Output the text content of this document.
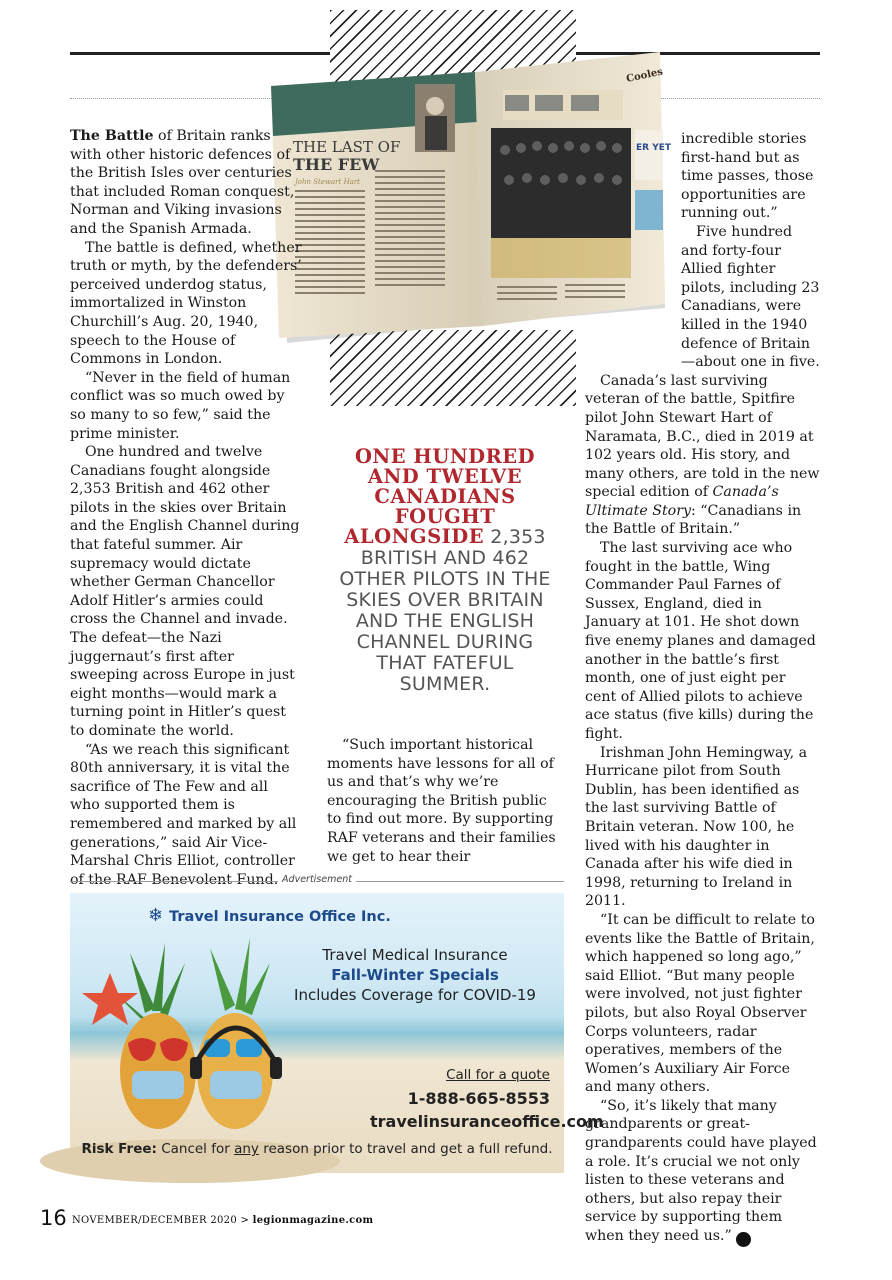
THE LAST OF
THE FEW
John Stewart Hart
ER YET
Cooles

The Battle of Britain ranks with other historic defences of the British Isles over centuries that included Roman conquest, Norman and Viking invasions and the Spanish Armada.

The battle is defined, whether truth or myth, by the defenders’ perceived underdog status, immortalized in Winston Churchill’s Aug. 20, 1940, speech to the House of Commons in London.

“Never in the field of human conflict was so much owed by so many to so few,” said the prime minister.

One hundred and twelve Canadians fought alongside 2,353 British and 462 other pilots in the skies over Britain and the English Channel during that fateful summer. Air supremacy would dictate whether German Chancellor Adolf Hitler’s armies could cross the Channel and invade. The defeat—the Nazi juggernaut’s first after sweeping across Europe in just eight months—would mark a turning point in Hitler’s quest to dominate the world.

“As we reach this significant 80th anniversary, it is vital the sacrifice of The Few and all who supported them is remembered and marked by all generations,” said Air Vice-Marshal Chris Elliot, controller of the RAF Benevolent Fund.

ONE HUNDRED AND TWELVE CANADIANS FOUGHT ALONGSIDE 2,353 BRITISH AND 462 OTHER PILOTS IN THE SKIES OVER BRITAIN AND THE ENGLISH CHANNEL DURING THAT FATEFUL SUMMER.

“Such important historical moments have lessons for all of us and that’s why we’re encouraging the British public to find out more. By supporting RAF veterans and their families we get to hear their

incredible stories first-hand but as time passes, those opportunities are running out.”

Five hundred and forty-four Allied fighter pilots, including 23 Canadians, were killed in the 1940 defence of Britain—about one in five.

Canada’s last surviving veteran of the battle, Spitfire pilot John Stewart Hart of Naramata, B.C., died in 2019 at 102 years old. His story, and many others, are told in the new special edition of Canada’s Ultimate Story: “Canadians in the Battle of Britain.”

The last surviving ace who fought in the battle, Wing Commander Paul Farnes of Sussex, England, died in January at 101. He shot down five enemy planes and damaged another in the battle’s first month, one of just eight per cent of Allied pilots to achieve ace status (five kills) during the fight.

Irishman John Hemingway, a Hurricane pilot from South Dublin, has been identified as the last surviving Battle of Britain veteran. Now 100, he lived with his daughter in Canada after his wife died in 1998, returning to Ireland in 2011.

“It can be difficult to relate to events like the Battle of Britain, which happened so long ago,” said Elliot. “But many people were involved, not just fighter pilots, but also Royal Observer Corps volunteers, radar operatives, members of the Women’s Auxiliary Air Force and many others.

“So, it’s likely that many grandparents or great-grandparents could have played a role. It’s crucial we not only listen to these veterans and others, but also repay their service by supporting them when they need us.” L

Advertisement
❄ Travel Insurance Office Inc.
Travel Medical Insurance
Fall-Winter Specials
Includes Coverage for COVID-19
Call for a quote
1-888-665-8553
travelinsuranceoffice.com
Risk Free: Cancel for any reason prior to travel and get a full refund.
16 NOVEMBER/DECEMBER 2020 > legionmagazine.com
